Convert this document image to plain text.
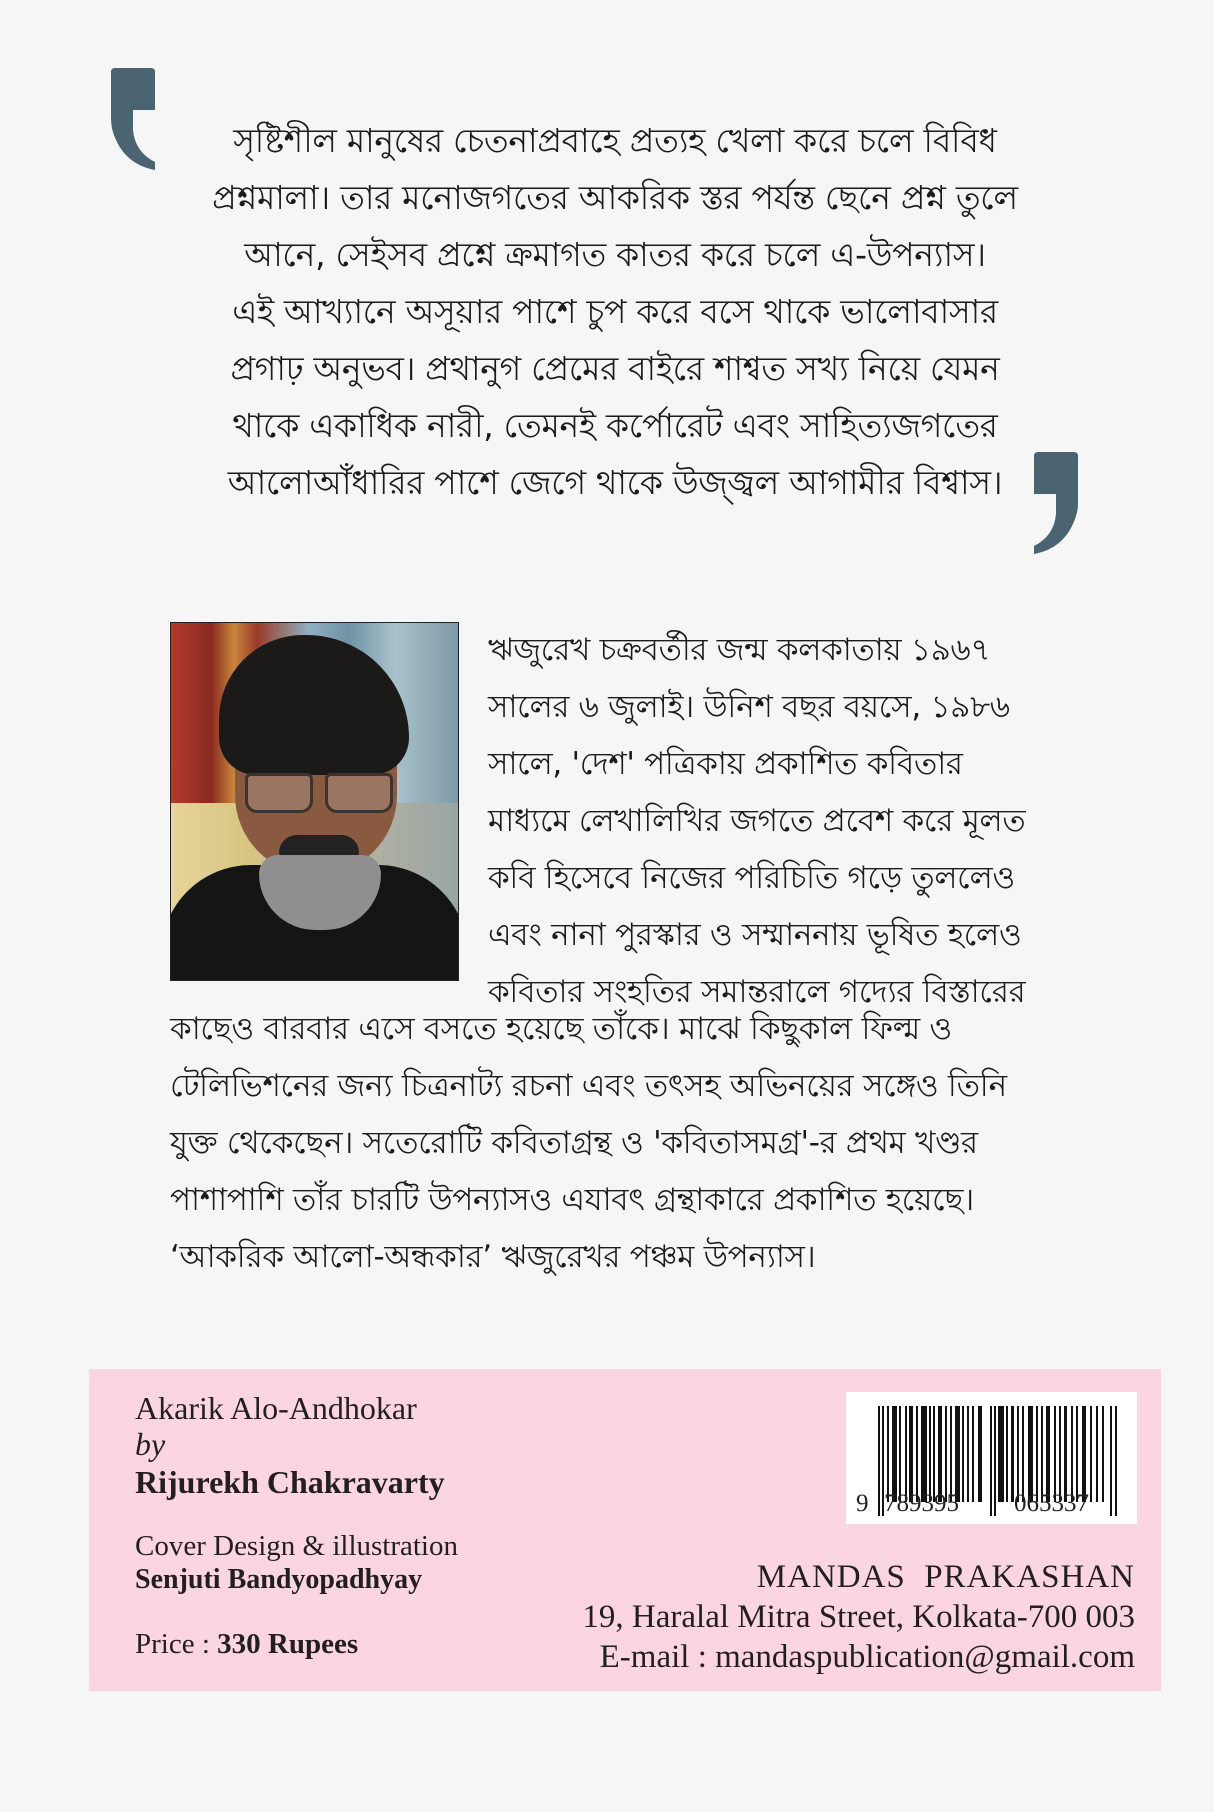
সৃষ্টিশীল মানুষের চেতনাপ্রবাহে প্রত্যহ খেলা করে চলে বিবিধ
প্রশ্নমালা। তার মনোজগতের আকরিক স্তর পর্যন্ত ছেনে প্রশ্ন তুলে
আনে, সেইসব প্রশ্নে ক্রমাগত কাতর করে চলে এ-উপন্যাস।
এই আখ্যানে অসূয়ার পাশে চুপ করে বসে থাকে ভালোবাসার
প্রগাঢ় অনুভব। প্রথানুগ প্রেমের বাইরে শাশ্বত সখ্য নিয়ে যেমন
থাকে একাধিক নারী, তেমনই কর্পোরেট এবং সাহিত্যজগতের
আলোআঁধারির পাশে জেগে থাকে উজ্জ্বল আগামীর বিশ্বাস।
ঋজুরেখ চক্রবর্তীর জন্ম কলকাতায় ১৯৬৭
সালের ৬ জুলাই। উনিশ বছর বয়সে, ১৯৮৬
সালে, 'দেশ' পত্রিকায় প্রকাশিত কবিতার
মাধ্যমে লেখালিখির জগতে প্রবেশ করে মূলত
কবি হিসেবে নিজের পরিচিতি গড়ে তুললেও
এবং নানা পুরস্কার ও সম্মাননায় ভূষিত হলেও
কবিতার সংহতির সমান্তরালে গদ্যের বিস্তারের
কাছেও বারবার এসে বসতে হয়েছে তাঁকে। মাঝে কিছুকাল ফিল্ম ও
টেলিভিশনের জন্য চিত্রনাট্য রচনা এবং তৎসহ অভিনয়ের সঙ্গেও তিনি
যুক্ত থেকেছেন। সতেরোটি কবিতাগ্রন্থ ও 'কবিতাসমগ্র'-র প্রথম খণ্ডর
পাশাপাশি তাঁর চারটি উপন্যাসও এযাবৎ গ্রন্থাকারে প্রকাশিত হয়েছে।
‘আকরিক আলো-অন্ধকার’ ঋজুরেখর পঞ্চম উপন্যাস।
Akarik Alo-Andhokar
by
Rijurekh Chakravarty
Cover Design & illustration
Senjuti Bandyopadhyay
Price : 330 Rupees
9 789395 065337
MANDAS  PRAKASHAN
19, Haralal Mitra Street, Kolkata-700 003
E-mail : mandaspublication@gmail.com
